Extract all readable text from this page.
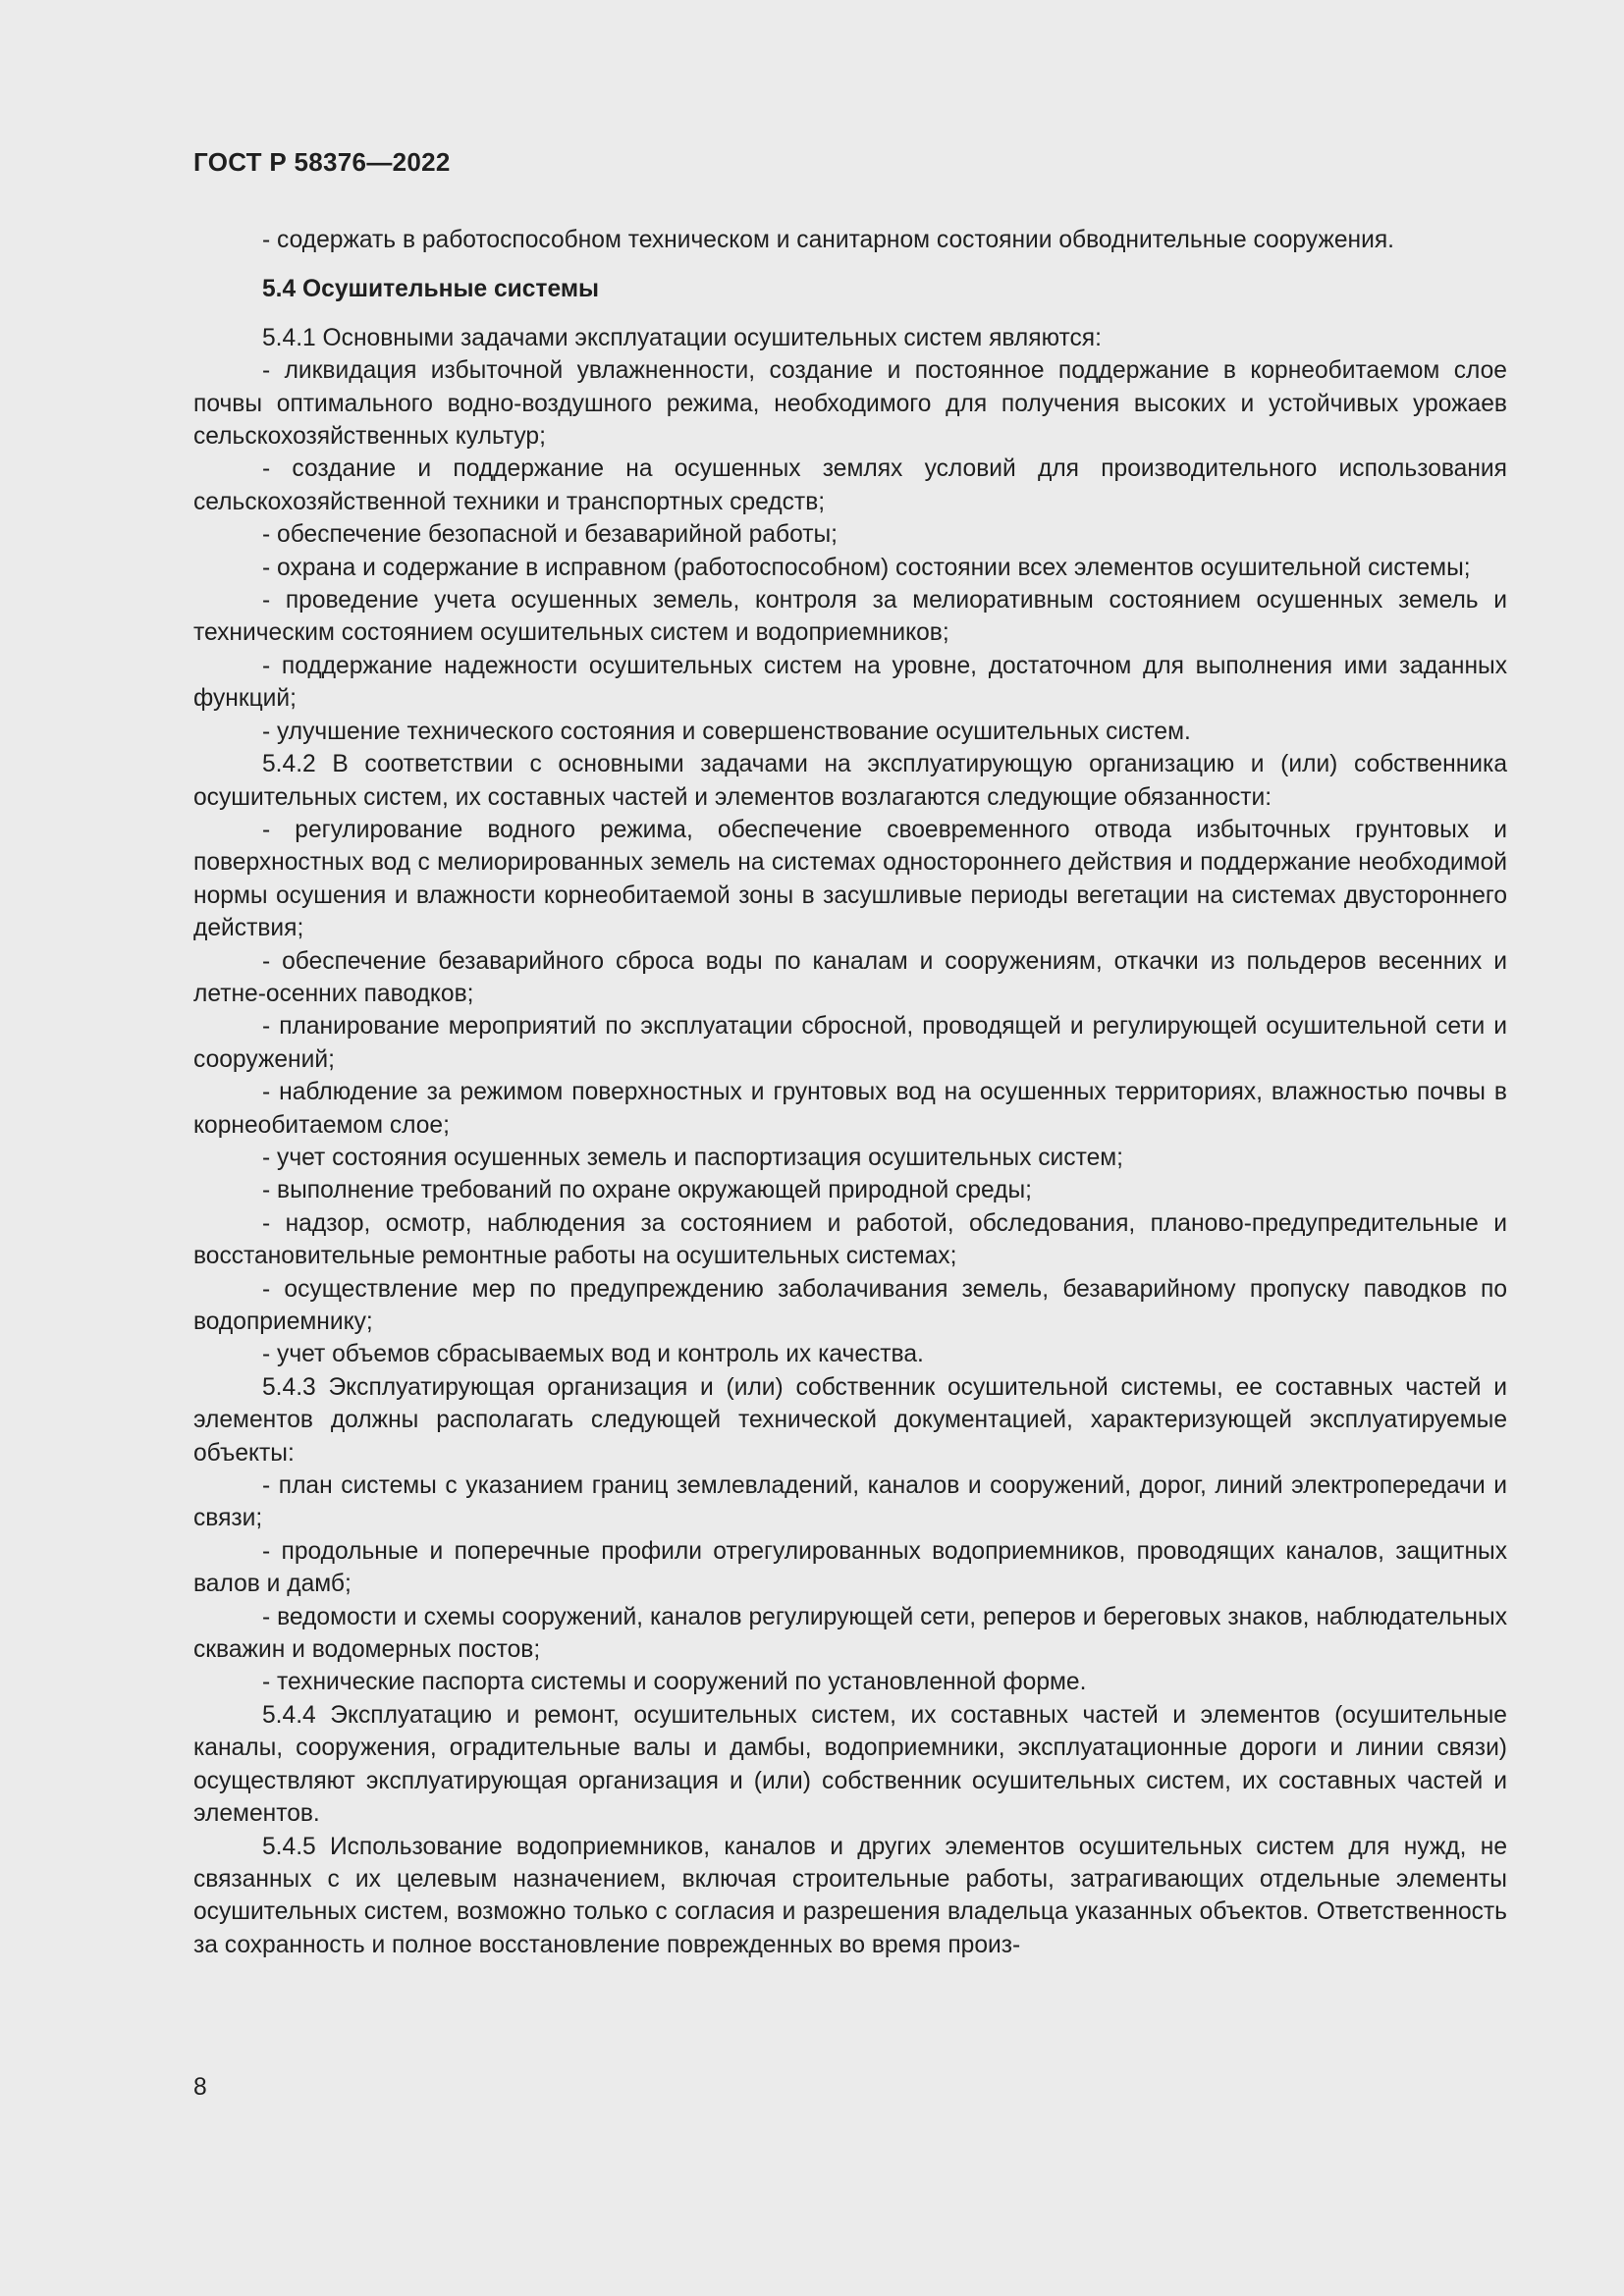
ГОСТ Р 58376—2022

- содержать в работоспособном техническом и санитарном состоянии обводнительные сооружения.

5.4 Осушительные системы

5.4.1 Основными задачами эксплуатации осушительных систем являются:

- ликвидация избыточной увлажненности, создание и постоянное поддержание в корнеобитаемом слое почвы оптимального водно-воздушного режима, необходимого для получения высоких и устойчивых урожаев сельскохозяйственных культур;

- создание и поддержание на осушенных землях условий для производительного использования сельскохозяйственной техники и транспортных средств;

- обеспечение безопасной и безаварийной работы;

- охрана и содержание в исправном (работоспособном) состоянии всех элементов осушительной системы;

- проведение учета осушенных земель, контроля за мелиоративным состоянием осушенных земель и техническим состоянием осушительных систем и водоприемников;

- поддержание надежности осушительных систем на уровне, достаточном для выполнения ими заданных функций;

- улучшение технического состояния и совершенствование осушительных систем.

5.4.2 В соответствии с основными задачами на эксплуатирующую организацию и (или) собственника осушительных систем, их составных частей и элементов возлагаются следующие обязанности:

- регулирование водного режима, обеспечение своевременного отвода избыточных грунтовых и поверхностных вод с мелиорированных земель на системах одностороннего действия и поддержание необходимой нормы осушения и влажности корнеобитаемой зоны в засушливые периоды вегетации на системах двустороннего действия;

- обеспечение безаварийного сброса воды по каналам и сооружениям, откачки из польдеров весенних и летне-осенних паводков;

- планирование мероприятий по эксплуатации сбросной, проводящей и регулирующей осушительной сети и сооружений;

- наблюдение за режимом поверхностных и грунтовых вод на осушенных территориях, влажностью почвы в корнеобитаемом слое;

- учет состояния осушенных земель и паспортизация осушительных систем;

- выполнение требований по охране окружающей природной среды;

- надзор, осмотр, наблюдения за состоянием и работой, обследования, планово-предупредительные и восстановительные ремонтные работы на осушительных системах;

- осуществление мер по предупреждению заболачивания земель, безаварийному пропуску паводков по водоприемнику;

- учет объемов сбрасываемых вод и контроль их качества.

5.4.3 Эксплуатирующая организация и (или) собственник осушительной системы, ее составных частей и элементов должны располагать следующей технической документацией, характеризующей эксплуатируемые объекты:

- план системы с указанием границ землевладений, каналов и сооружений, дорог, линий электропередачи и связи;

- продольные и поперечные профили отрегулированных водоприемников, проводящих каналов, защитных валов и дамб;

- ведомости и схемы сооружений, каналов регулирующей сети, реперов и береговых знаков, наблюдательных скважин и водомерных постов;

- технические паспорта системы и сооружений по установленной форме.

5.4.4 Эксплуатацию и ремонт, осушительных систем, их составных частей и элементов (осушительные каналы, сооружения, оградительные валы и дамбы, водоприемники, эксплуатационные дороги и линии связи) осуществляют эксплуатирующая организация и (или) собственник осушительных систем, их составных частей и элементов.

5.4.5 Использование водоприемников, каналов и других элементов осушительных систем для нужд, не связанных с их целевым назначением, включая строительные работы, затрагивающих отдельные элементы осушительных систем, возможно только с согласия и разрешения владельца указанных объектов. Ответственность за сохранность и полное восстановление поврежденных во время произ-

8
